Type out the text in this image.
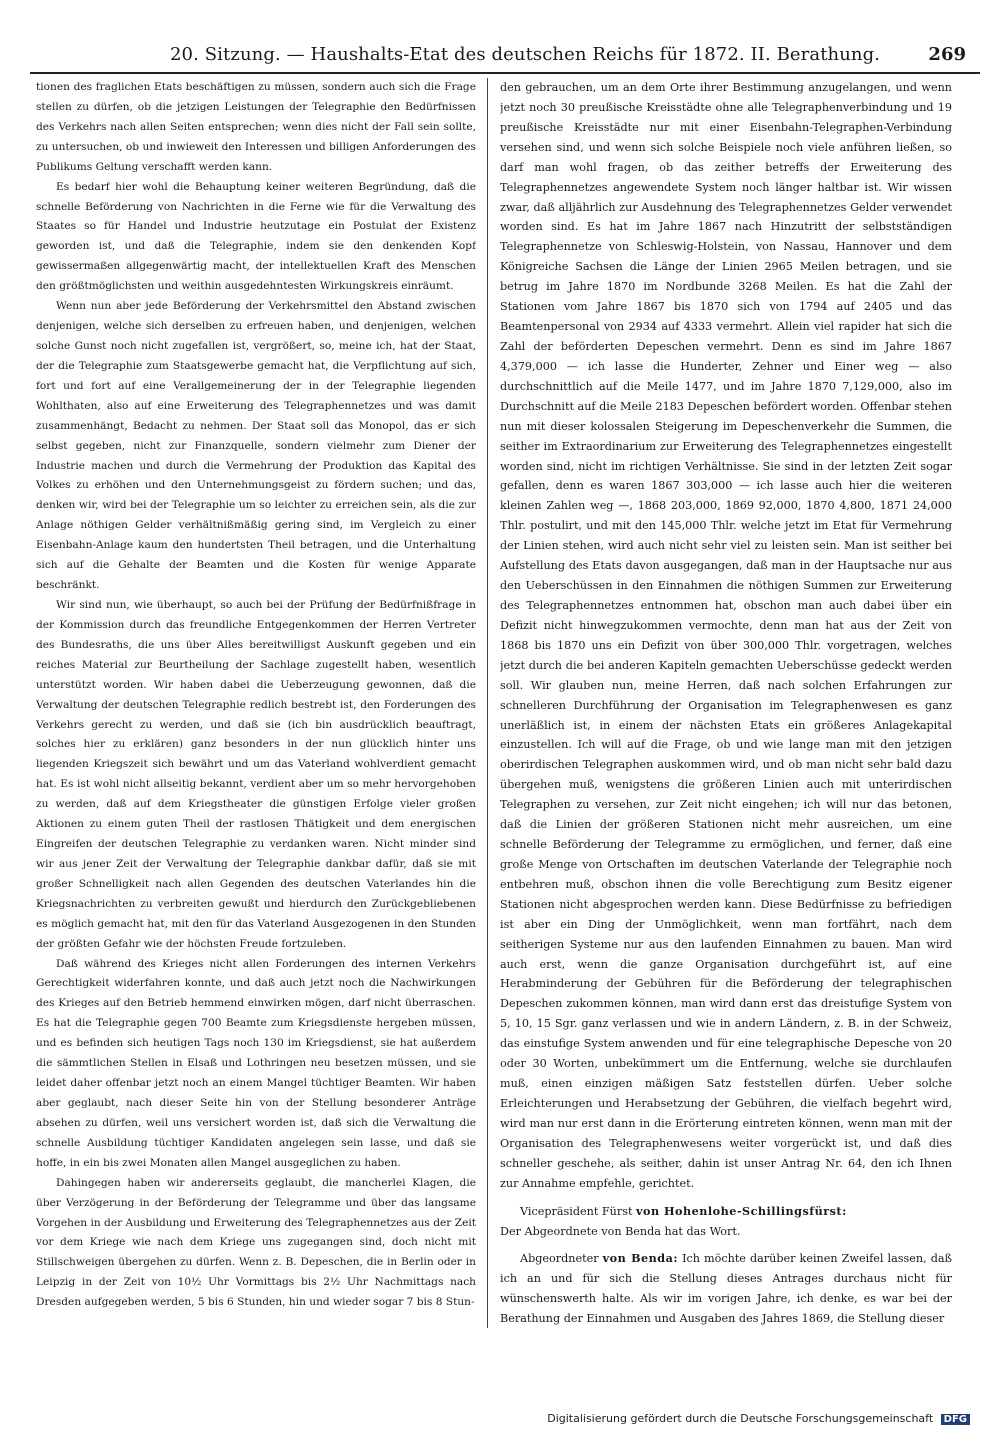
20. Sitzung. — Haushalts-Etat des deutschen Reichs für 1872. II. Berathung.	269

tionen des fraglichen Etats beschäftigen zu müssen, sondern auch sich die Frage stellen zu dürfen, ob die jetzigen Leistungen der Telegraphie den Bedürfnissen des Verkehrs nach allen Seiten entsprechen; wenn dies nicht der Fall sein sollte, zu untersuchen, ob und inwieweit den Interessen und billigen Anforderungen des Publikums Geltung verschafft werden kann.

Es bedarf hier wohl die Behauptung keiner weiteren Begründung, daß die schnelle Beförderung von Nachrichten in die Ferne wie für die Verwaltung des Staates so für Handel und Industrie heutzutage ein Postulat der Existenz geworden ist, und daß die Telegraphie, indem sie den denkenden Kopf gewissermaßen allgegenwärtig macht, der intellektuellen Kraft des Menschen den größtmöglichsten und weithin ausgedehntesten Wirkungskreis einräumt.

Wenn nun aber jede Beförderung der Verkehrsmittel den Abstand zwischen denjenigen, welche sich derselben zu erfreuen haben, und denjenigen, welchen solche Gunst noch nicht zugefallen ist, vergrößert, so, meine ich, hat der Staat, der die Telegraphie zum Staatsgewerbe gemacht hat, die Verpflichtung auf sich, fort und fort auf eine Verallgemeinerung der in der Telegraphie liegenden Wohlthaten, also auf eine Erweiterung des Telegraphennetzes und was damit zusammenhängt, Bedacht zu nehmen. Der Staat soll das Monopol, das er sich selbst gegeben, nicht zur Finanzquelle, sondern vielmehr zum Diener der Industrie machen und durch die Vermehrung der Produktion das Kapital des Volkes zu erhöhen und den Unternehmungsgeist zu fördern suchen; und das, denken wir, wird bei der Telegraphie um so leichter zu erreichen sein, als die zur Anlage nöthigen Gelder verhältnißmäßig gering sind, im Vergleich zu einer Eisenbahn-Anlage kaum den hundertsten Theil betragen, und die Unterhaltung sich auf die Gehalte der Beamten und die Kosten für wenige Apparate beschränkt.

Wir sind nun, wie überhaupt, so auch bei der Prüfung der Bedürfnißfrage in der Kommission durch das freundliche Entgegenkommen der Herren Vertreter des Bundesraths, die uns über Alles bereitwilligst Auskunft gegeben und ein reiches Material zur Beurtheilung der Sachlage zugestellt haben, wesentlich unterstützt worden. Wir haben dabei die Ueberzeugung gewonnen, daß die Verwaltung der deutschen Telegraphie redlich bestrebt ist, den Forderungen des Verkehrs gerecht zu werden, und daß sie (ich bin ausdrücklich beauftragt, solches hier zu erklären) ganz besonders in der nun glücklich hinter uns liegenden Kriegszeit sich bewährt und um das Vaterland wohlverdient gemacht hat. Es ist wohl nicht allseitig bekannt, verdient aber um so mehr hervorgehoben zu werden, daß auf dem Kriegstheater die günstigen Erfolge vieler großen Aktionen zu einem guten Theil der rastlosen Thätigkeit und dem energischen Eingreifen der deutschen Telegraphie zu verdanken waren. Nicht minder sind wir aus jener Zeit der Verwaltung der Telegraphie dankbar dafür, daß sie mit großer Schnelligkeit nach allen Gegenden des deutschen Vaterlandes hin die Kriegsnachrichten zu verbreiten gewußt und hierdurch den Zurückgebliebenen es möglich gemacht hat, mit den für das Vaterland Ausgezogenen in den Stunden der größten Gefahr wie der höchsten Freude fortzuleben.

Daß während des Krieges nicht allen Forderungen des internen Verkehrs Gerechtigkeit widerfahren konnte, und daß auch jetzt noch die Nachwirkungen des Krieges auf den Betrieb hemmend einwirken mögen, darf nicht überraschen. Es hat die Telegraphie gegen 700 Beamte zum Kriegsdienste hergeben müssen, und es befinden sich heutigen Tags noch 130 im Kriegsdienst, sie hat außerdem die sämmtlichen Stellen in Elsaß und Lothringen neu besetzen müssen, und sie leidet daher offenbar jetzt noch an einem Mangel tüchtiger Beamten. Wir haben aber geglaubt, nach dieser Seite hin von der Stellung besonderer Anträge absehen zu dürfen, weil uns versichert worden ist, daß sich die Verwaltung die schnelle Ausbildung tüchtiger Kandidaten angelegen sein lasse, und daß sie hoffe, in ein bis zwei Monaten allen Mangel ausgeglichen zu haben.

Dahingegen haben wir andererseits geglaubt, die mancherlei Klagen, die über Verzögerung in der Beförderung der Telegramme und über das langsame Vorgehen in der Ausbildung und Erweiterung des Telegraphennetzes aus der Zeit vor dem Kriege wie nach dem Kriege uns zugegangen sind, doch nicht mit Stillschweigen übergehen zu dürfen. Wenn z. B. Depeschen, die in Berlin oder in Leipzig in der Zeit von 10½ Uhr Vormittags bis 2½ Uhr Nachmittags nach Dresden aufgegeben werden, 5 bis 6 Stunden, hin und wieder sogar 7 bis 8 Stun-

den gebrauchen, um an dem Orte ihrer Bestimmung anzugelangen, und wenn jetzt noch 30 preußische Kreisstädte ohne alle Telegraphenverbindung und 19 preußische Kreisstädte nur mit einer Eisenbahn-Telegraphen-Verbindung versehen sind, und wenn sich solche Beispiele noch viele anführen ließen, so darf man wohl fragen, ob das zeither betreffs der Erweiterung des Telegraphennetzes angewendete System noch länger haltbar ist. Wir wissen zwar, daß alljährlich zur Ausdehnung des Telegraphennetzes Gelder verwendet worden sind. Es hat im Jahre 1867 nach Hinzutritt der selbstständigen Telegraphennetze von Schleswig-Holstein, von Nassau, Hannover und dem Königreiche Sachsen die Länge der Linien 2965 Meilen betragen, und sie betrug im Jahre 1870 im Nordbunde 3268 Meilen. Es hat die Zahl der Stationen vom Jahre 1867 bis 1870 sich von 1794 auf 2405 und das Beamtenpersonal von 2934 auf 4333 vermehrt. Allein viel rapider hat sich die Zahl der beförderten Depeschen vermehrt. Denn es sind im Jahre 1867 4,379,000 — ich lasse die Hunderter, Zehner und Einer weg — also durchschnittlich auf die Meile 1477, und im Jahre 1870 7,129,000, also im Durchschnitt auf die Meile 2183 Depeschen befördert worden. Offenbar stehen nun mit dieser kolossalen Steigerung im Depeschenverkehr die Summen, die seither im Extraordinarium zur Erweiterung des Telegraphennetzes eingestellt worden sind, nicht im richtigen Verhältnisse. Sie sind in der letzten Zeit sogar gefallen, denn es waren 1867 303,000 — ich lasse auch hier die weiteren kleinen Zahlen weg —, 1868 203,000, 1869 92,000, 1870 4,800, 1871 24,000 Thlr. postulirt, und mit den 145,000 Thlr. welche jetzt im Etat für Vermehrung der Linien stehen, wird auch nicht sehr viel zu leisten sein. Man ist seither bei Aufstellung des Etats davon ausgegangen, daß man in der Hauptsache nur aus den Ueberschüssen in den Einnahmen die nöthigen Summen zur Erweiterung des Telegraphennetzes entnommen hat, obschon man auch dabei über ein Defizit nicht hinwegzukommen vermochte, denn man hat aus der Zeit von 1868 bis 1870 uns ein Defizit von über 300,000 Thlr. vorgetragen, welches jetzt durch die bei anderen Kapiteln gemachten Ueberschüsse gedeckt werden soll. Wir glauben nun, meine Herren, daß nach solchen Erfahrungen zur schnelleren Durchführung der Organisation im Telegraphenwesen es ganz unerläßlich ist, in einem der nächsten Etats ein größeres Anlagekapital einzustellen. Ich will auf die Frage, ob und wie lange man mit den jetzigen oberirdischen Telegraphen auskommen wird, und ob man nicht sehr bald dazu übergehen muß, wenigstens die größeren Linien auch mit unterirdischen Telegraphen zu versehen, zur Zeit nicht eingehen; ich will nur das betonen, daß die Linien der größeren Stationen nicht mehr ausreichen, um eine schnelle Beförderung der Telegramme zu ermöglichen, und ferner, daß eine große Menge von Ortschaften im deutschen Vaterlande der Telegraphie noch entbehren muß, obschon ihnen die volle Berechtigung zum Besitz eigener Stationen nicht abgesprochen werden kann. Diese Bedürfnisse zu befriedigen ist aber ein Ding der Unmöglichkeit, wenn man fortfährt, nach dem seitherigen Systeme nur aus den laufenden Einnahmen zu bauen. Man wird auch erst, wenn die ganze Organisation durchgeführt ist, auf eine Herabminderung der Gebühren für die Beförderung der telegraphischen Depeschen zukommen können, man wird dann erst das dreistufige System von 5, 10, 15 Sgr. ganz verlassen und wie in andern Ländern, z. B. in der Schweiz, das einstufige System anwenden und für eine telegraphische Depesche von 20 oder 30 Worten, unbekümmert um die Entfernung, welche sie durchlaufen muß, einen einzigen mäßigen Satz feststellen dürfen. Ueber solche Erleichterungen und Herabsetzung der Gebühren, die vielfach begehrt wird, wird man nur erst dann in die Erörterung eintreten können, wenn man mit der Organisation des Telegraphenwesens weiter vorgerückt ist, und daß dies schneller geschehe, als seither, dahin ist unser Antrag Nr. 64, den ich Ihnen zur Annahme empfehle, gerichtet.

Vicepräsident Fürst von Hohenlohe-Schillingsfürst:

Der Abgeordnete von Benda hat das Wort.

Abgeordneter von Benda: Ich möchte darüber keinen Zweifel lassen, daß ich an und für sich die Stellung dieses Antrages durchaus nicht für wünschenswerth halte. Als wir im vorigen Jahre, ich denke, es war bei der Berathung der Einnahmen und Ausgaben des Jahres 1869, die Stellung dieser

Digitalisierung gefördert durch die Deutsche Forschungsgemeinschaft DFG
